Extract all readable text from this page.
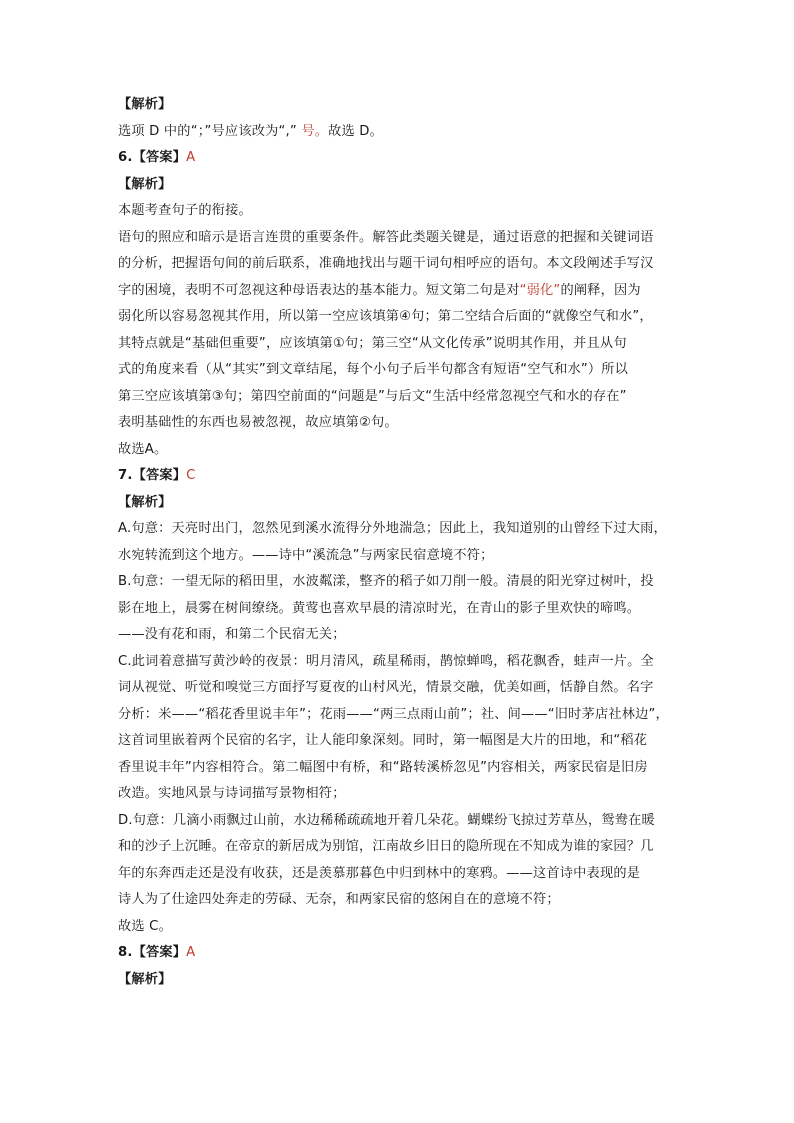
【解析】
选项 D 中的“；”号应该改为“,” 号。故选 D。
6.【答案】A
【解析】
本题考查句子的衔接。
语句的照应和暗示是语言连贯的重要条件。解答此类题关键是，通过语意的把握和关键词语
的分析，把握语句间的前后联系，准确地找出与题干词句相呼应的语句。本文段阐述手写汉
字的困境，表明不可忽视这种母语表达的基本能力。短文第二句是对“弱化”的阐释，因为
弱化所以容易忽视其作用，所以第一空应该填第④句；第二空结合后面的“就像空气和水”，
其特点就是“基础但重要”，应该填第①句；第三空“从文化传承”说明其作用，并且从句
式的角度来看（从“其实”到文章结尾，每个小句子后半句都含有短语“空气和水”）所以
第三空应该填第③句；第四空前面的“问题是”与后文“生活中经常忽视空气和水的存在”
表明基础性的东西也易被忽视，故应填第②句。
故选A。
7.【答案】C
【解析】
A.句意：天亮时出门，忽然见到溪水流得分外地湍急；因此上，我知道别的山曾经下过大雨，
水宛转流到这个地方。——诗中“溪流急”与两家民宿意境不符；
B.句意：一望无际的稻田里，水波粼漾，整齐的稻子如刀削一般。清晨的阳光穿过树叶，投
影在地上，晨雾在树间缭绕。黄莺也喜欢早晨的清凉时光，在青山的影子里欢快的啼鸣。
——没有花和雨，和第二个民宿无关；
C.此词着意描写黄沙岭的夜景：明月清风，疏星稀雨，鹊惊蝉鸣，稻花飘香，蛙声一片。全
词从视觉、听觉和嗅觉三方面抒写夏夜的山村风光，情景交融，优美如画，恬静自然。名字
分析：米——“稻花香里说丰年”；花雨——“两三点雨山前”；社、间——“旧时茅店社林边”，
这首词里嵌着两个民宿的名字，让人能印象深刻。同时，第一幅图是大片的田地，和“稻花
香里说丰年”内容相符合。第二幅图中有桥，和“路转溪桥忽见”内容相关，两家民宿是旧房
改造。实地风景与诗词描写景物相符；
D.句意：几滴小雨飘过山前，水边稀稀疏疏地开着几朵花。蝴蝶纷飞掠过芳草丛，鸳鸯在暖
和的沙子上沉睡。在帝京的新居成为别馆，江南故乡旧日的隐所现在不知成为谁的家园？几
年的东奔西走还是没有收获，还是羡慕那暮色中归到林中的寒鸦。——这首诗中表现的是
诗人为了仕途四处奔走的劳碌、无奈，和两家民宿的悠闲自在的意境不符；
故选 C。
8.【答案】A
【解析】
